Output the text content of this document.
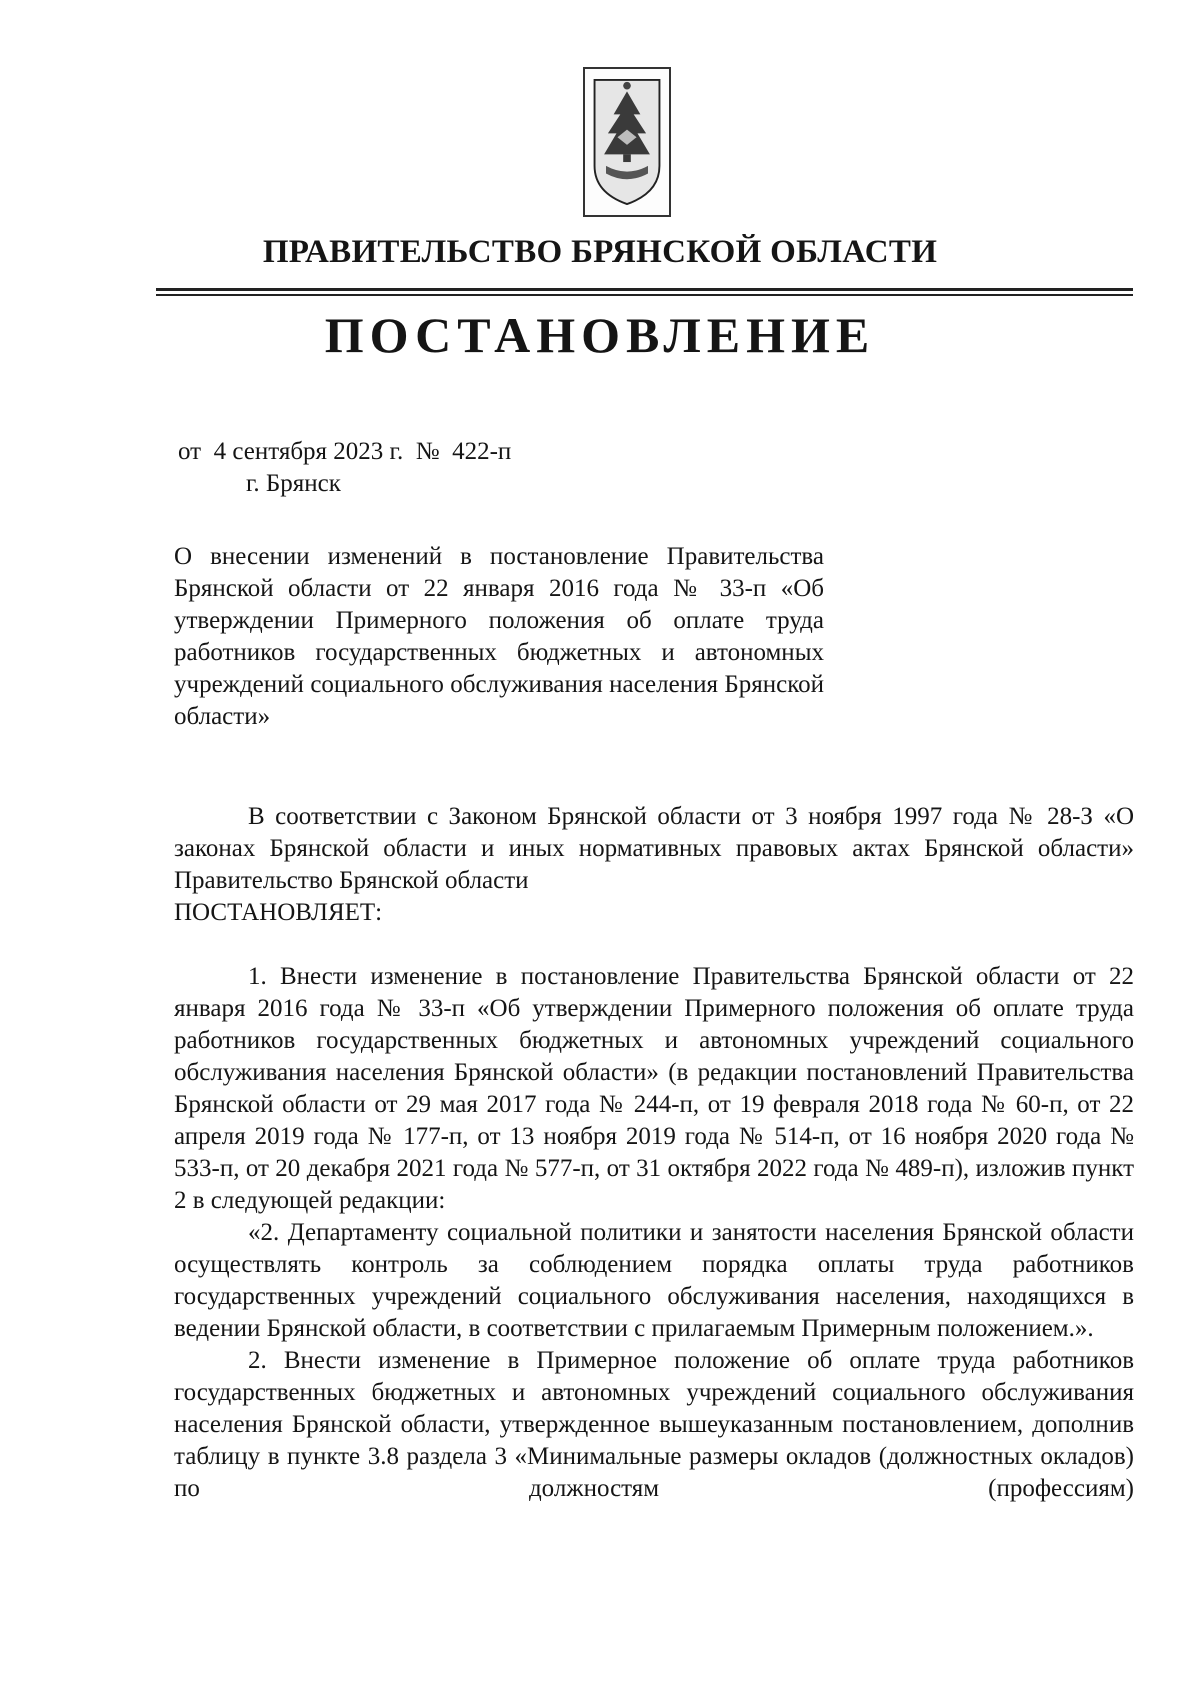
ПРАВИТЕЛЬСТВО БРЯНСКОЙ ОБЛАСТИ
ПОСТАНОВЛЕНИЕ
от  4 сентября 2023 г. №  422-п
г. Брянск

О внесении изменений в постановление Правительства Брянской области от 22 января 2016 года № 33-п «Об утверждении Примерного положения об оплате труда работников государственных бюджетных и автономных учреждений социального обслуживания населения Брянской области»

В соответствии с Законом Брянской области от 3 ноября 1997 года № 28-З «О законах Брянской области и иных нормативных правовых актах Брянской области» Правительство Брянской области

ПОСТАНОВЛЯЕТ:

1. Внести изменение в постановление Правительства Брянской области от 22 января 2016 года № 33-п «Об утверждении Примерного положения об оплате труда работников государственных бюджетных и автономных учреждений социального обслуживания населения Брянской области» (в редакции постановлений Правительства Брянской области от 29 мая 2017 года № 244-п, от 19 февраля 2018 года № 60-п, от 22 апреля 2019 года № 177-п, от 13 ноября 2019 года № 514-п, от 16 ноября 2020 года № 533-п, от 20 декабря 2021 года № 577-п, от 31 октября 2022 года № 489-п), изложив пункт 2 в следующей редакции:

«2. Департаменту социальной политики и занятости населения Брянской области осуществлять контроль за соблюдением порядка оплаты труда работников государственных учреждений социального обслуживания населения, находящихся в ведении Брянской области, в соответствии с прилагаемым Примерным положением.».

2. Внести изменение в Примерное положение об оплате труда работников государственных бюджетных и автономных учреждений социального обслуживания населения Брянской области, утвержденное вышеуказанным постановлением, дополнив таблицу в пункте 3.8 раздела 3 «Минимальные размеры окладов (должностных окладов) по должностям (профессиям)
